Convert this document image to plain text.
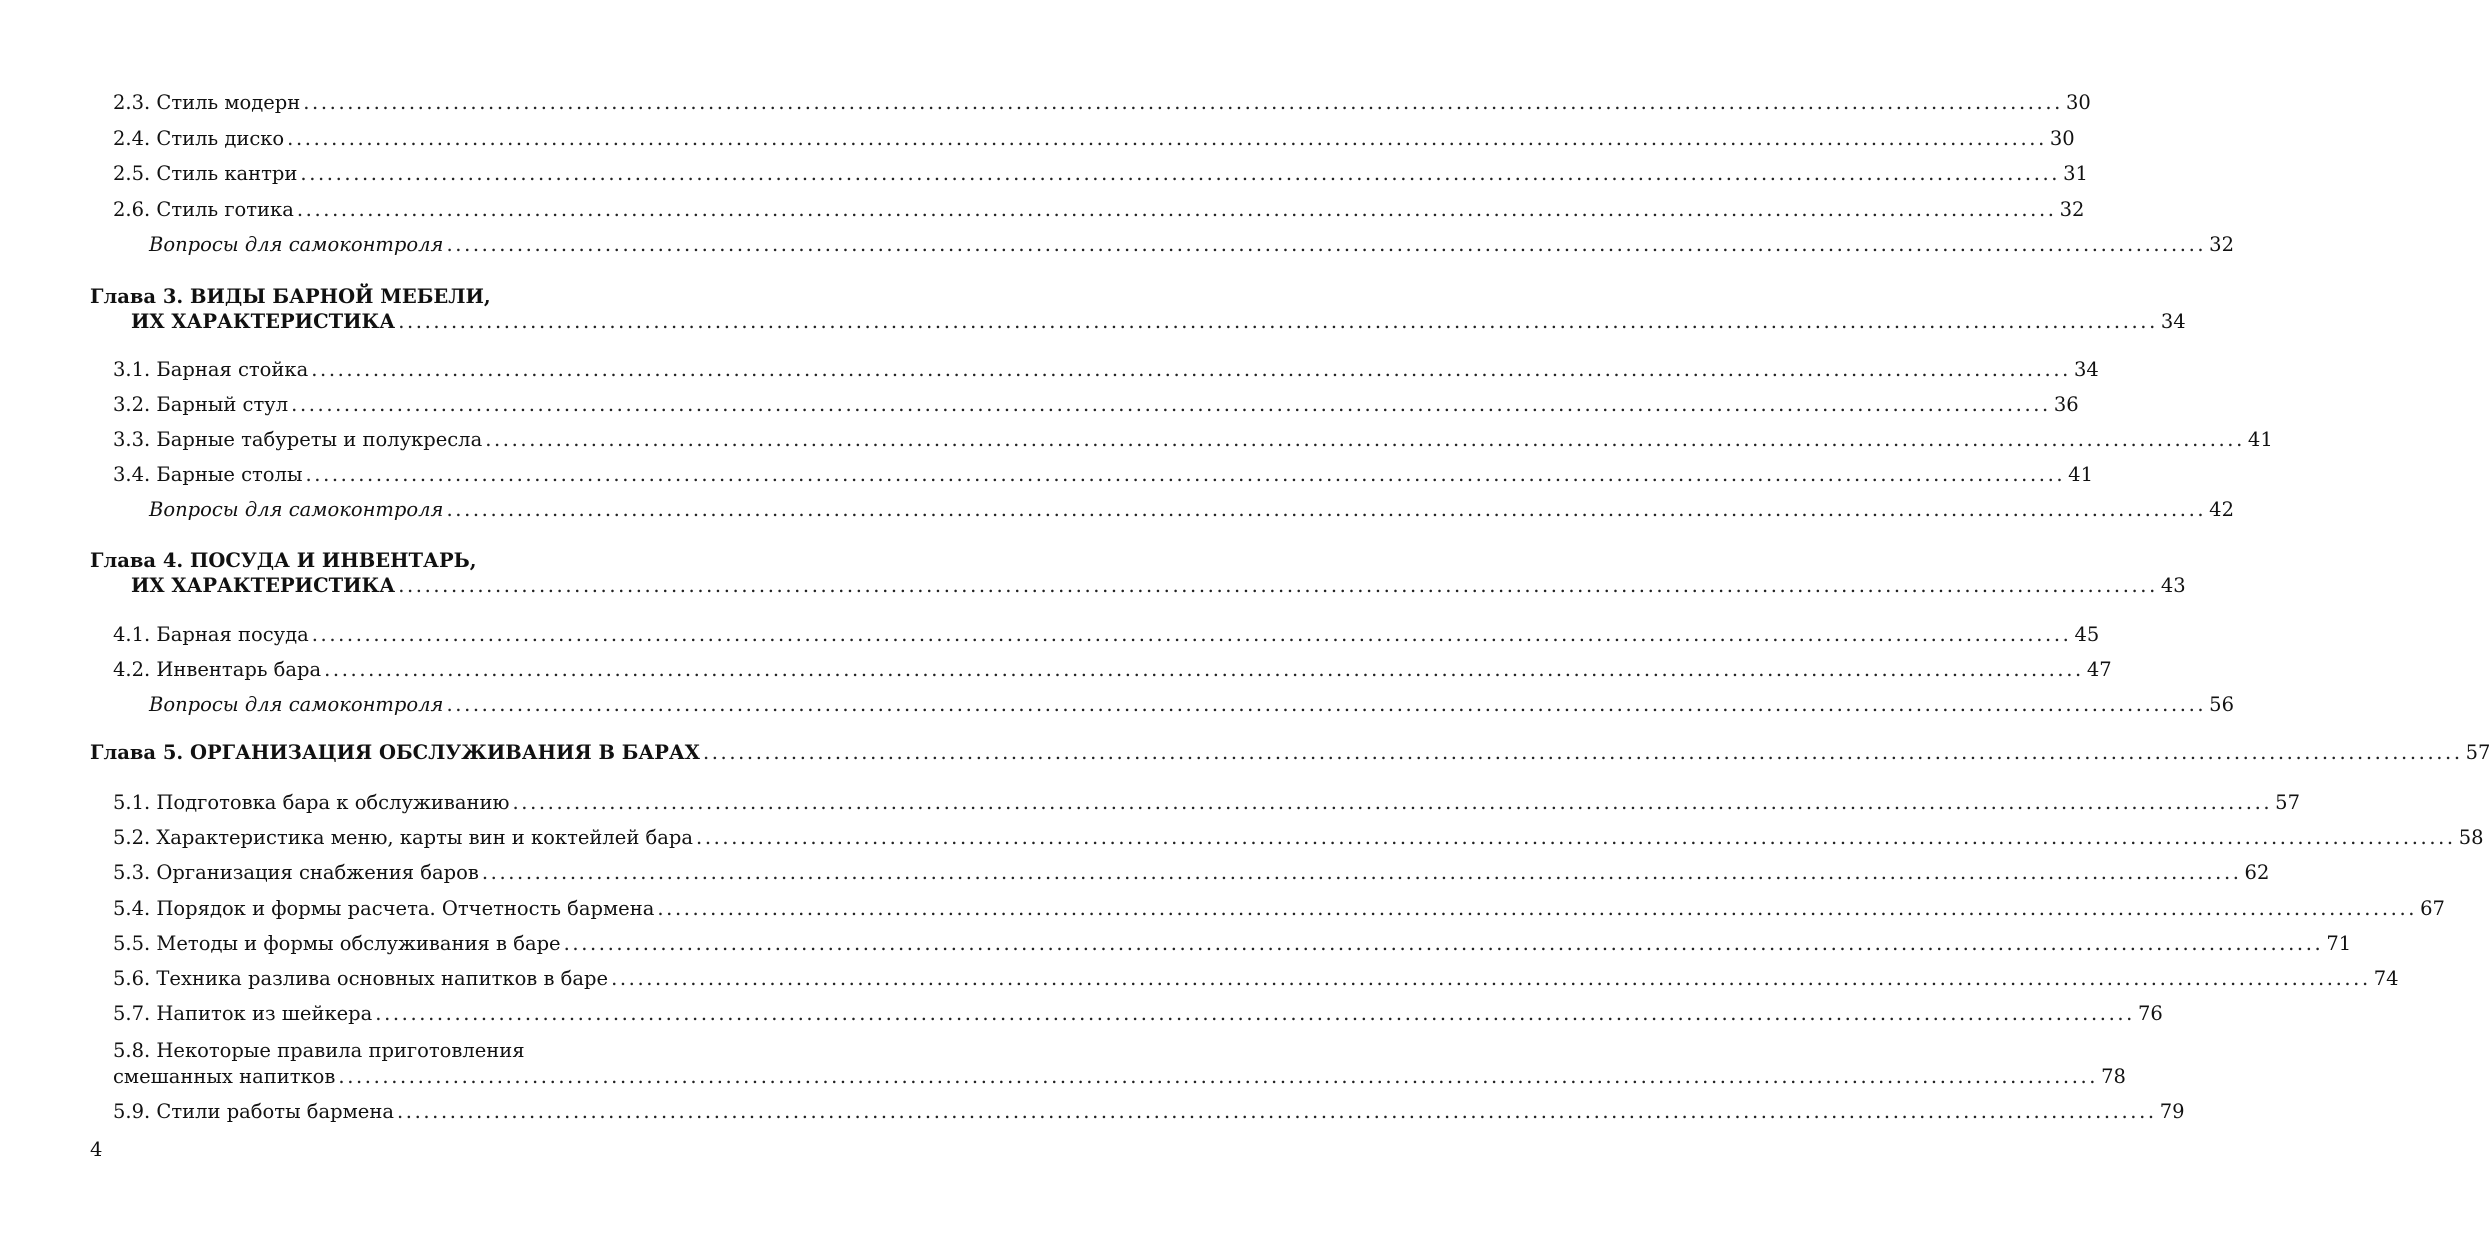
2.3. Стиль модерн ........................................................................................................................................................................................................ 30
2.4. Стиль диско ........................................................................................................................................................................................................ 30
2.5. Стиль кантри ........................................................................................................................................................................................................ 31
2.6. Стиль готика ........................................................................................................................................................................................................ 32
Вопросы для самоконтроля ........................................................................................................................................................................................................ 32
Глава 3. ВИДЫ БАРНОЙ МЕБЕЛИ,
ИХ ХАРАКТЕРИСТИКА ........................................................................................................................................................................................................ 34
3.1. Барная стойка ........................................................................................................................................................................................................ 34
3.2. Барный стул ........................................................................................................................................................................................................ 36
3.3. Барные табуреты и полукресла ........................................................................................................................................................................................................ 41
3.4. Барные столы ........................................................................................................................................................................................................ 41
Вопросы для самоконтроля ........................................................................................................................................................................................................ 42
Глава 4. ПОСУДА И ИНВЕНТАРЬ,
ИХ ХАРАКТЕРИСТИКА ........................................................................................................................................................................................................ 43
4.1. Барная посуда ........................................................................................................................................................................................................ 45
4.2. Инвентарь бара ........................................................................................................................................................................................................ 47
Вопросы для самоконтроля ........................................................................................................................................................................................................ 56
Глава 5. ОРГАНИЗАЦИЯ ОБСЛУЖИВАНИЯ В БАРАХ ........................................................................................................................................................................................................ 57
5.1. Подготовка бара к обслуживанию ........................................................................................................................................................................................................ 57
5.2. Характеристика меню, карты вин и коктейлей бара ........................................................................................................................................................................................................ 58
5.3. Организация снабжения баров ........................................................................................................................................................................................................ 62
5.4. Порядок и формы расчета. Отчетность бармена ........................................................................................................................................................................................................ 67
5.5. Методы и формы обслуживания в баре ........................................................................................................................................................................................................ 71
5.6. Техника разлива основных напитков в баре ........................................................................................................................................................................................................ 74
5.7. Напиток из шейкера ........................................................................................................................................................................................................ 76
5.8. Некоторые правила приготовления
смешанных напитков ........................................................................................................................................................................................................ 78
5.9. Стили работы бармена ........................................................................................................................................................................................................ 79
4
